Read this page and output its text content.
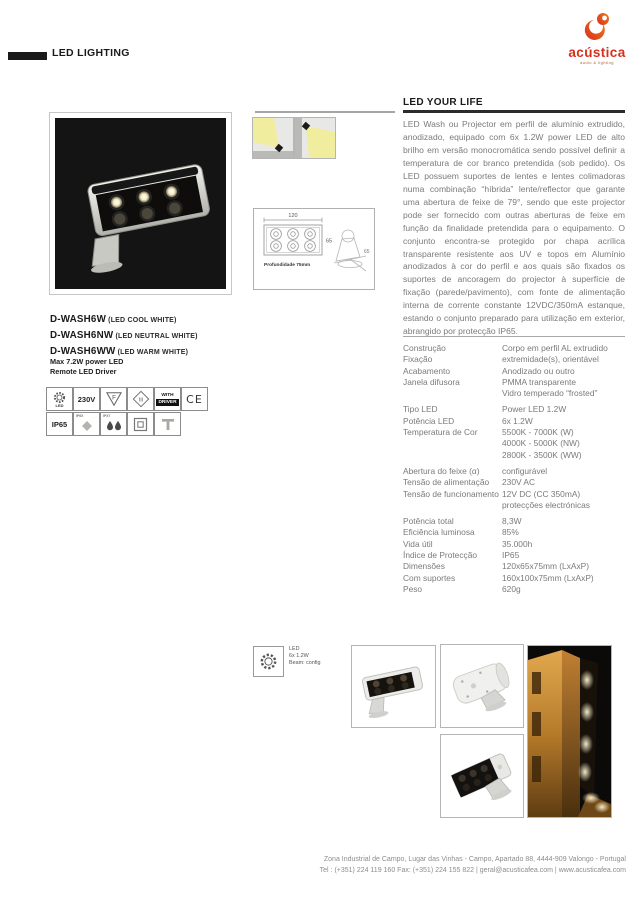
LED LIGHTING	acústica
audio & lighting
D-WASH6W (LED COOL WHITE)
D-WASH6NW (LED NEUTRAL WHITE)
D-WASH6WW (LED WARM WHITE)
Max 7.2W power LED
Remote LED Driver
LED
230V F	III
WITH
DRIVER CE
IP65
IP6X	IPX7
120
65
Profundidade 75mm
65
LED YOUR LIFE
LED Wash ou Projector em perfil de alumínio extrudido, anodizado, equipado com 6x 1.2W power LED de alto brilho em versão monocromática sendo possível definir a temperatura de cor branco pretendida (sob pedido). Os LED possuem suportes de lentes e lentes colimadoras numa combinação “híbrida” lente/reflector que garante uma abertura de feixe de 79°, sendo que este projector pode ser fornecido com outras aberturas de feixe em função da finalidade pretendida para o equipamento. O conjunto encontra-se protegido por chapa acrílica transparente resistente aos UV e topos em Alumínio anodizados à cor do perfil e aos quais são fixados os suportes de ancoragem do projector à superfície de fixação (parede/pavimento), com fonte de alimentação interna de corrente constante 12VDC/350mA estanque, estando o conjunto preparado para utilização em exterior, abrangido por protecção IP65.
Construção	Corpo em perfil AL extrudido
Fixação	extremidade(s), orientável
Acabamento	Anodizado ou outro
Janela difusora	PMMA transparente
Vidro temperado “frosted”
Tipo LED	Power LED 1.2W
Potência LED	6x 1.2W
Temperatura de Cor	5500K - 7000K (W)
4000K - 5000K (NW)
2800K - 3500K (WW)
Abertura do feixe (α)	configurável
Tensão de alimentação	230V AC
Tensão de funcionamento 12V DC (CC 350mA)
protecções electrónicas
Potência total	8,3W
Eficiência luminosa	85%
Vida útil	35.000h
Índice de Protecção	IP65
Dimensões	120x65x75mm (LxAxP)
Com suportes	160x100x75mm (LxAxP)
Peso	620g
LED
6x 1.2W
Beam: config
Zona Industrial de Campo, Lugar das Vinhas - Campo, Apartado 88, 4444-909 Valongo - Portugal
Tel : (+351) 224 119 160 Fax: (+351) 224 155 822 | geral@acusticafea.com | www.acusticafea.com
